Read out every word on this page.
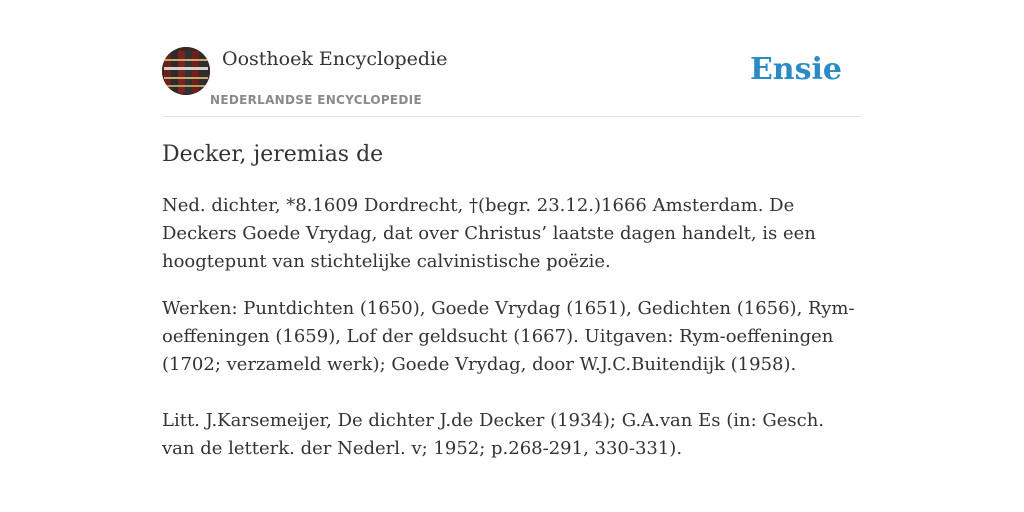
Oosthoek Encyclopedie
NEDERLANDSE ENCYCLOPEDIE
Ensie
Decker, jeremias de

Ned. dichter, *8.1609 Dordrecht, †(begr. 23.12.)1666 Amsterdam. De Deckers Goede Vrydag, dat over Christus’ laatste dagen handelt, is een hoogtepunt van stichtelijke calvinistische poëzie.

Werken: Puntdichten (1650), Goede Vrydag (1651), Gedichten (1656), Rym-oeffeningen (1659), Lof der geldsucht (1667). Uitgaven: Rym-oeffeningen (1702; verzameld werk); Goede Vrydag, door W.J.C.Buitendijk (1958).

Litt. J.Karsemeijer, De dichter J.de Decker (1934); G.A.van Es (in: Gesch. van de letterk. der Nederl. v; 1952; p.268-291, 330-331).
